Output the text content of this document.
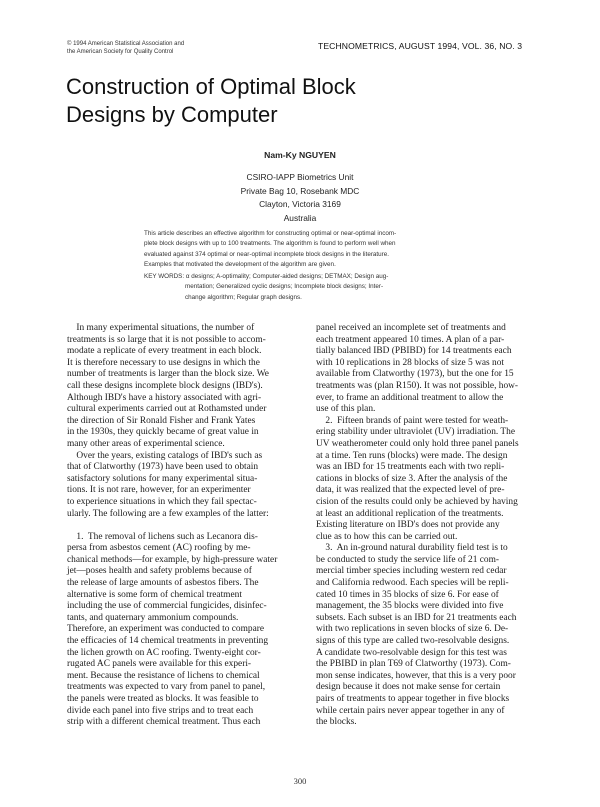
© 1994 American Statistical Association and
the American Society for Quality Control
TECHNOMETRICS, AUGUST 1994, VOL. 36, NO. 3
Construction of Optimal Block
Designs by Computer
Nam-Ky NGUYEN
CSIRO-IAPP Biometrics Unit
Private Bag 10, Rosebank MDC
Clayton, Victoria 3169
Australia
This article describes an effective algorithm for constructing optimal or near-optimal incom-
plete block designs with up to 100 treatments. The algorithm is found to perform well when
evaluated against 374 optimal or near-optimal incomplete block designs in the literature.
Examples that motivated the development of the algorithm are given.
KEY WORDS: α designs; A-optimality; Computer-aided designs; DETMAX; Design aug-
mentation; Generalized cyclic designs; Incomplete block designs; Inter-
change algorithm; Regular graph designs.
In many experimental situations, the number of
treatments is so large that it is not possible to accom-
modate a replicate of every treatment in each block.
It is therefore necessary to use designs in which the
number of treatments is larger than the block size. We
call these designs incomplete block designs (IBD's).
Although IBD's have a history associated with agri-
cultural experiments carried out at Rothamsted under
the direction of Sir Ronald Fisher and Frank Yates
in the 1930s, they quickly became of great value in
many other areas of experimental science.
Over the years, existing catalogs of IBD's such as
that of Clatworthy (1973) have been used to obtain
satisfactory solutions for many experimental situa-
tions. It is not rare, however, for an experimenter
to experience situations in which they fail spectac-
ularly. The following are a few examples of the latter:

1.  The removal of lichens such as Lecanora dis-
persa from asbestos cement (AC) roofing by me-
chanical methods—for example, by high-pressure water
jet—poses health and safety problems because of
the release of large amounts of asbestos fibers. The
alternative is some form of chemical treatment
including the use of commercial fungicides, disinfec-
tants, and quaternary ammonium compounds.
Therefore, an experiment was conducted to compare
the efficacies of 14 chemical treatments in preventing
the lichen growth on AC roofing. Twenty-eight cor-
rugated AC panels were available for this experi-
ment. Because the resistance of lichens to chemical
treatments was expected to vary from panel to panel,
the panels were treated as blocks. It was feasible to
divide each panel into five strips and to treat each
strip with a different chemical treatment. Thus each
panel received an incomplete set of treatments and
each treatment appeared 10 times. A plan of a par-
tially balanced IBD (PBIBD) for 14 treatments each
with 10 replications in 28 blocks of size 5 was not
available from Clatworthy (1973), but the one for 15
treatments was (plan R150). It was not possible, how-
ever, to frame an additional treatment to allow the
use of this plan.
2.  Fifteen brands of paint were tested for weath-
ering stability under ultraviolet (UV) irradiation. The
UV weatherometer could only hold three panel panels
at a time. Ten runs (blocks) were made. The design
was an IBD for 15 treatments each with two repli-
cations in blocks of size 3. After the analysis of the
data, it was realized that the expected level of pre-
cision of the results could only be achieved by having
at least an additional replication of the treatments.
Existing literature on IBD's does not provide any
clue as to how this can be carried out.
3.  An in-ground natural durability field test is to
be conducted to study the service life of 21 com-
mercial timber species including western red cedar
and California redwood. Each species will be repli-
cated 10 times in 35 blocks of size 6. For ease of
management, the 35 blocks were divided into five
subsets. Each subset is an IBD for 21 treatments each
with two replications in seven blocks of size 6. De-
signs of this type are called two-resolvable designs.
A candidate two-resolvable design for this test was
the PBIBD in plan T69 of Clatworthy (1973). Com-
mon sense indicates, however, that this is a very poor
design because it does not make sense for certain
pairs of treatments to appear together in five blocks
while certain pairs never appear together in any of
the blocks.
300
